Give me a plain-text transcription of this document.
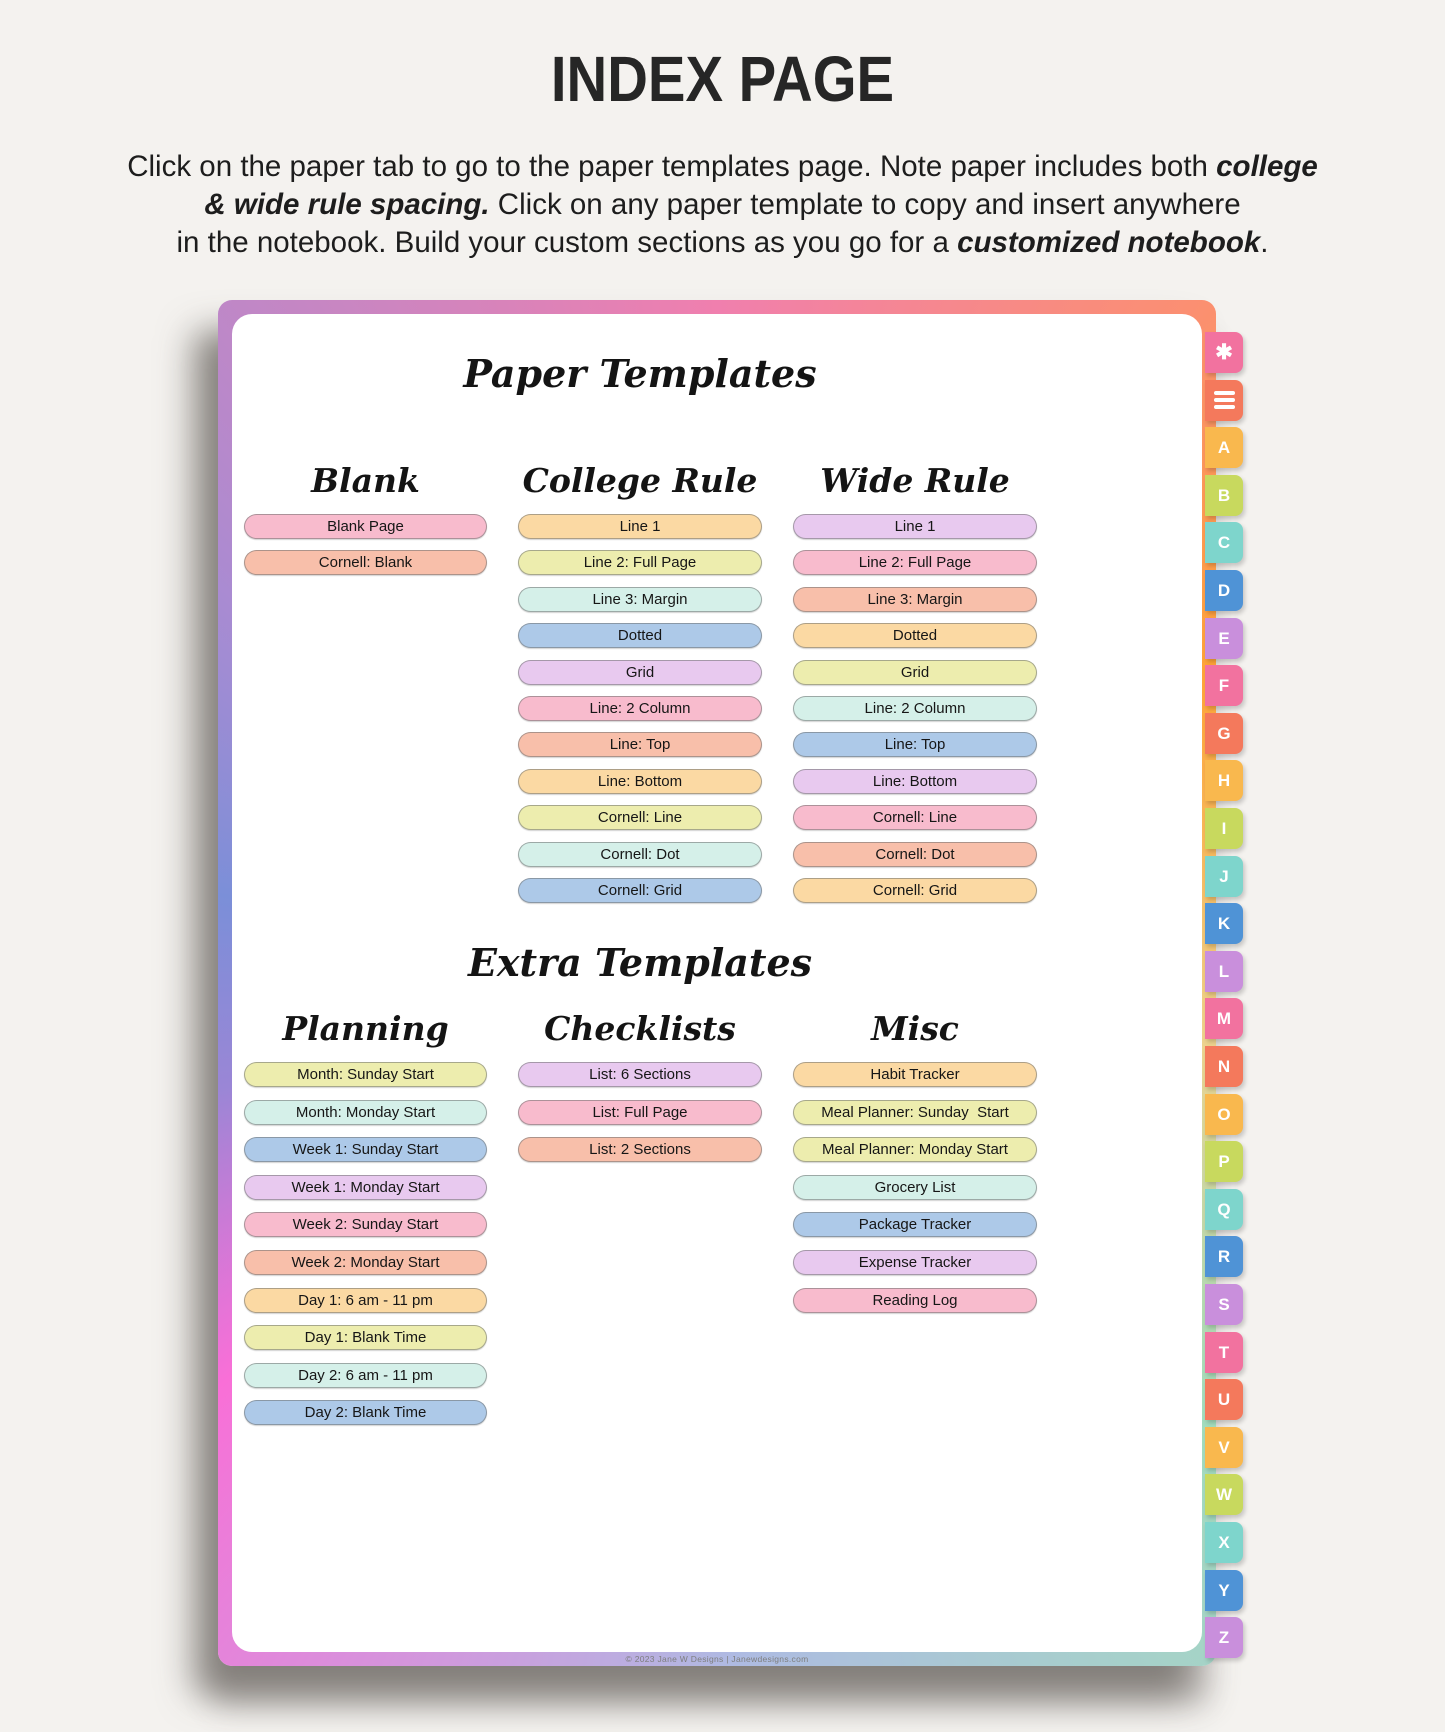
INDEX PAGE

Click on the paper tab to go to the paper templates page. Note paper includes both college
& wide rule spacing. Click on any paper template to copy and insert anywhere
in the notebook. Build your custom sections as you go for a customized notebook.

Paper Templates
Blank
Blank Page
Cornell: Blank
College Rule
Line 1
Line 2: Full Page
Line 3: Margin
Dotted
Grid
Line: 2 Column
Line: Top
Line: Bottom
Cornell: Line
Cornell: Dot
Cornell: Grid
Wide Rule
Line 1
Line 2: Full Page
Line 3: Margin
Dotted
Grid
Line: 2 Column
Line: Top
Line: Bottom
Cornell: Line
Cornell: Dot
Cornell: Grid
Extra Templates
Planning
Month: Sunday Start
Month: Monday Start
Week 1: Sunday Start
Week 1: Monday Start
Week 2: Sunday Start
Week 2: Monday Start
Day 1: 6 am - 11 pm
Day 1: Blank Time
Day 2: 6 am - 11 pm
Day 2: Blank Time
Checklists
List: 6 Sections
List: Full Page
List: 2 Sections
Misc
Habit Tracker
Meal Planner: Sunday  Start
Meal Planner: Monday Start
Grocery List
Package Tracker
Expense Tracker
Reading Log
© 2023 Jane W Designs | Janewdesigns.com
✱
A
B
C
D
E
F
G
H
I
J
K
L
M
N
O
P
Q
R
S
T
U
V
W
X
Y
Z
